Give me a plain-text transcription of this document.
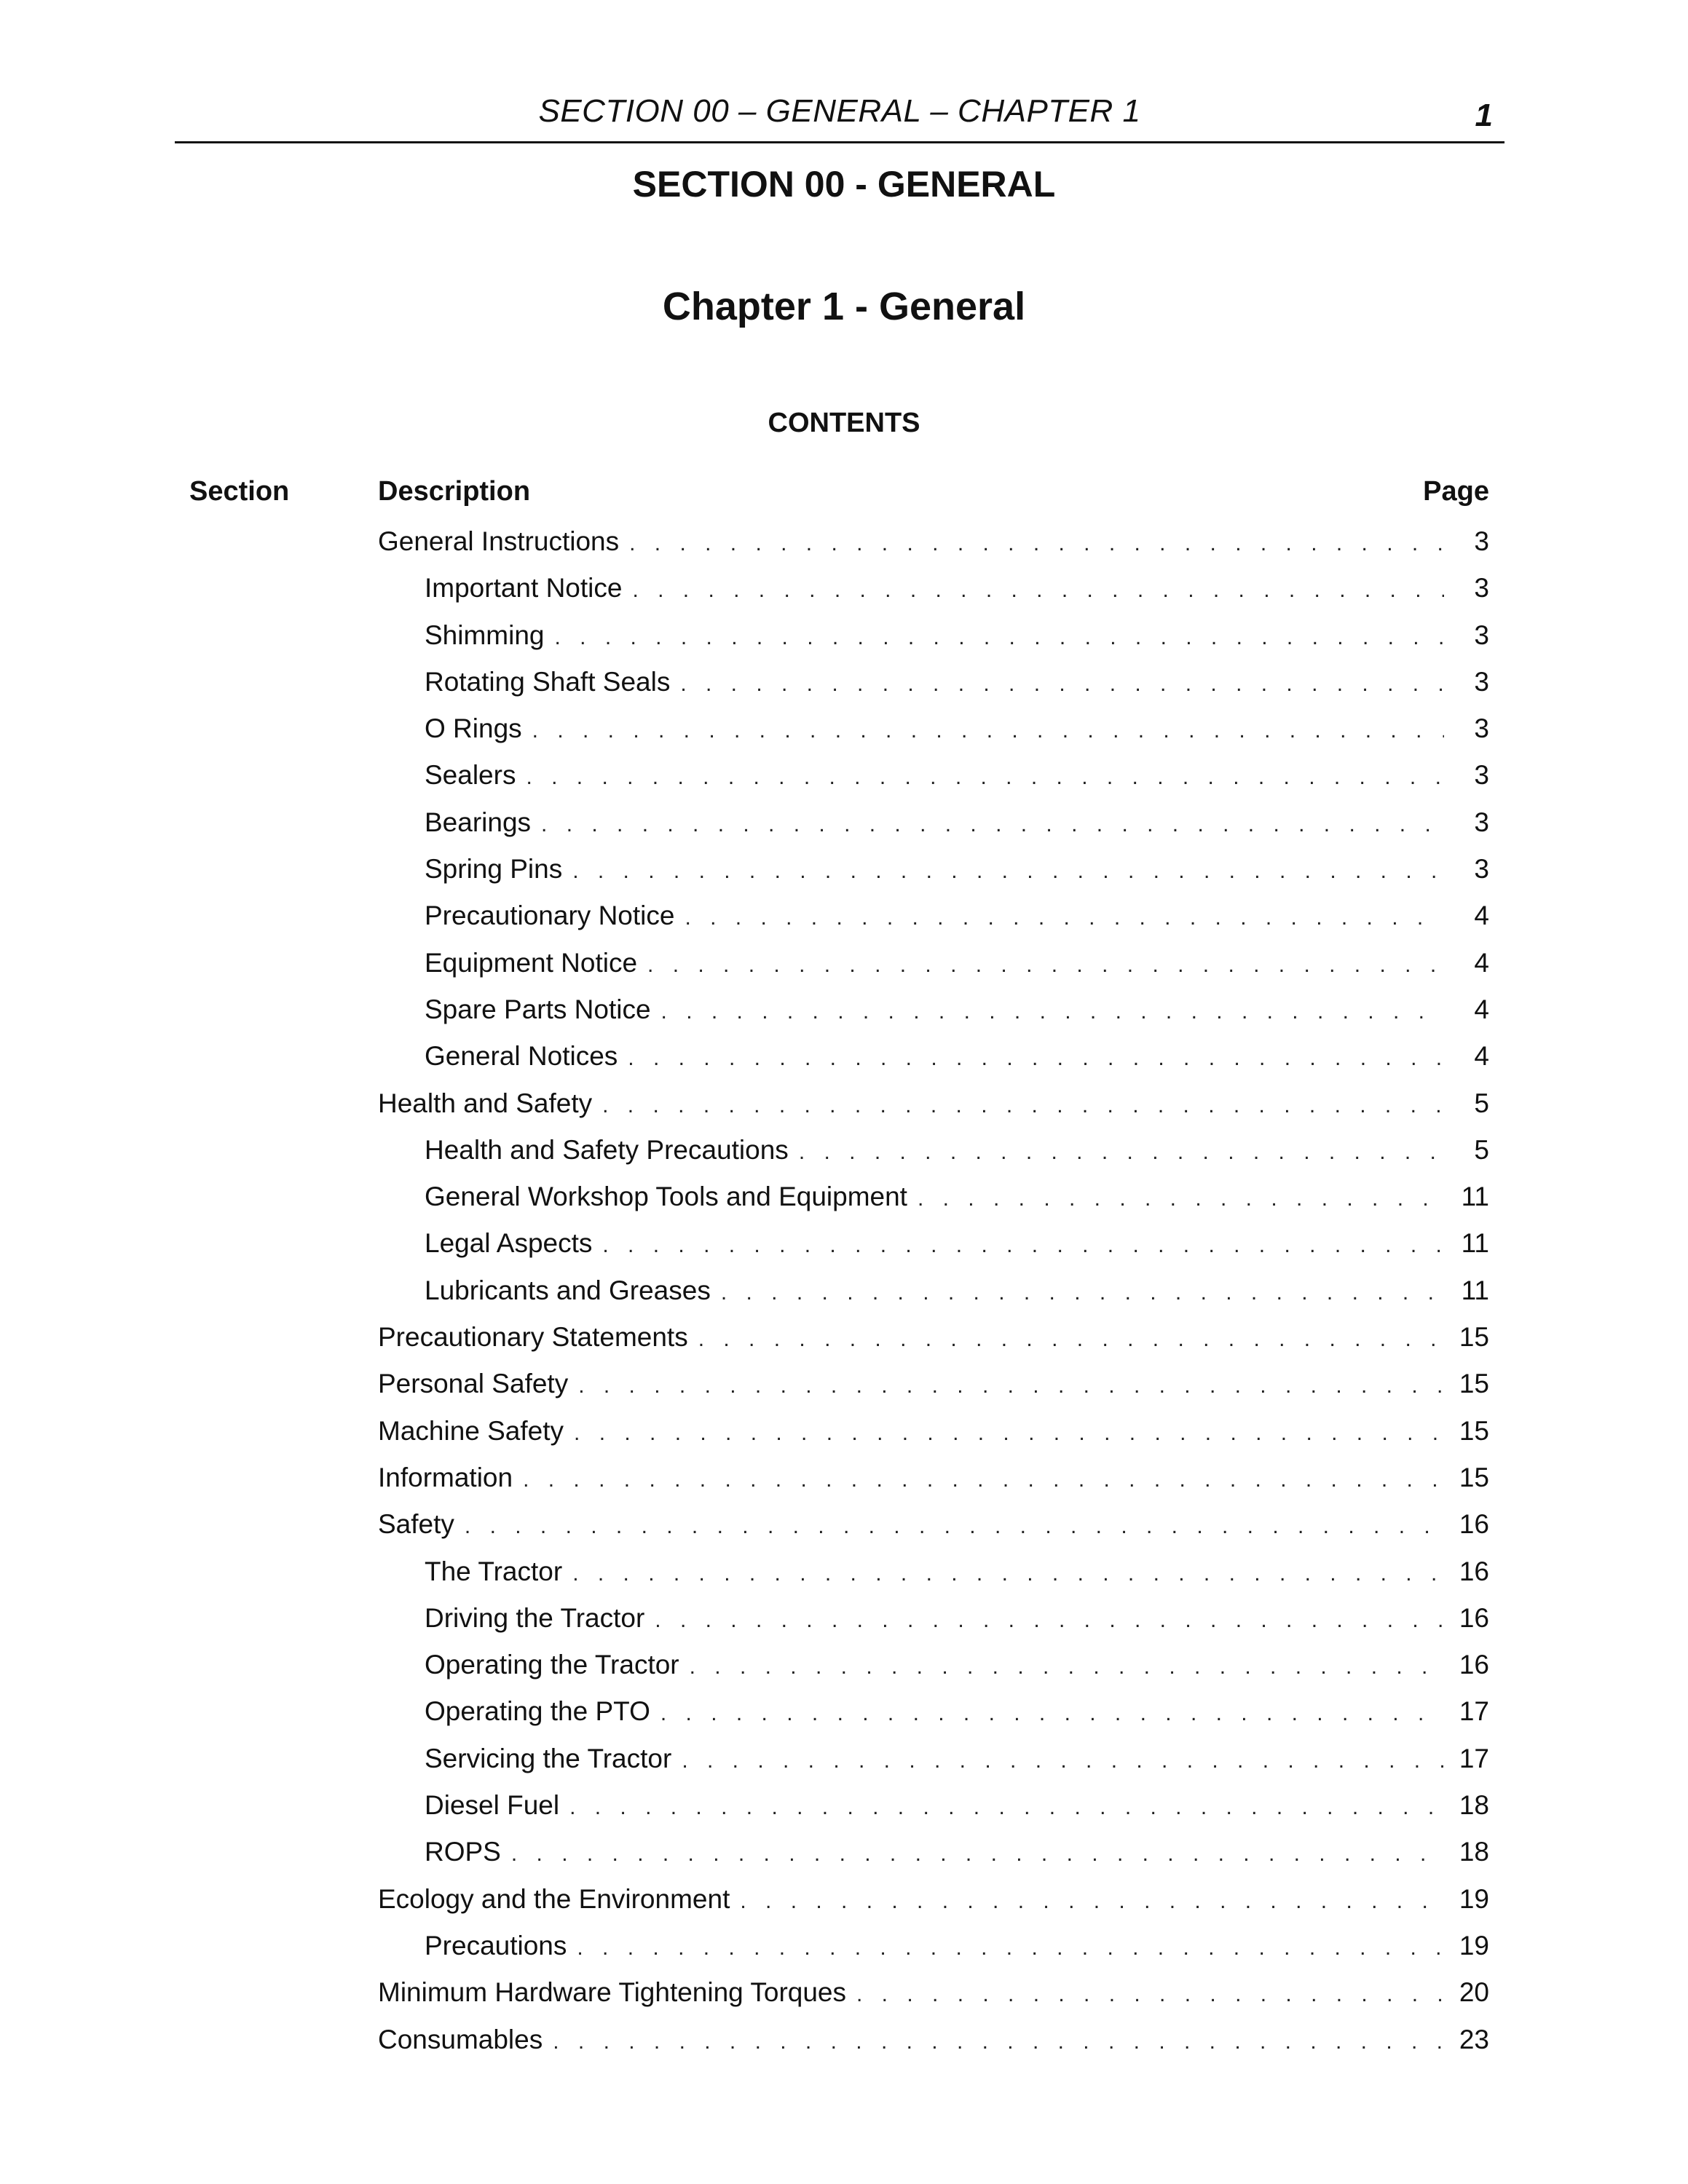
SECTION 00 – GENERAL – CHAPTER 1	1
SECTION 00 - GENERAL
Chapter 1 - General
CONTENTS
Section	Description	Page
General Instructions . . .	3
Important Notice . . .	3
Shimming . . .	3
Rotating Shaft Seals . . .	3
O Rings . . .	3
Sealers . . .	3
Bearings . . .	3
Spring Pins . . .	3
Precautionary Notice . . .	4
Equipment Notice . . .	4
Spare Parts Notice . . .	4
General Notices . . .	4
Health and Safety . . .	5
Health and Safety Precautions . . .	5
General Workshop Tools and Equipment . . .	11
Legal Aspects . . .	11
Lubricants and Greases . . .	11
Precautionary Statements . . .	15
Personal Safety . . .	15
Machine Safety . . .	15
Information . . .	15
Safety . . .	16
The Tractor . . .	16
Driving the Tractor . . .	16
Operating the Tractor . . .	16
Operating the PTO . . .	17
Servicing the Tractor . . .	17
Diesel Fuel . . .	18
ROPS . . .	18
Ecology and the Environment . . .	19
Precautions . . .	19
Minimum Hardware Tightening Torques . . .	20
Consumables . . .	23
